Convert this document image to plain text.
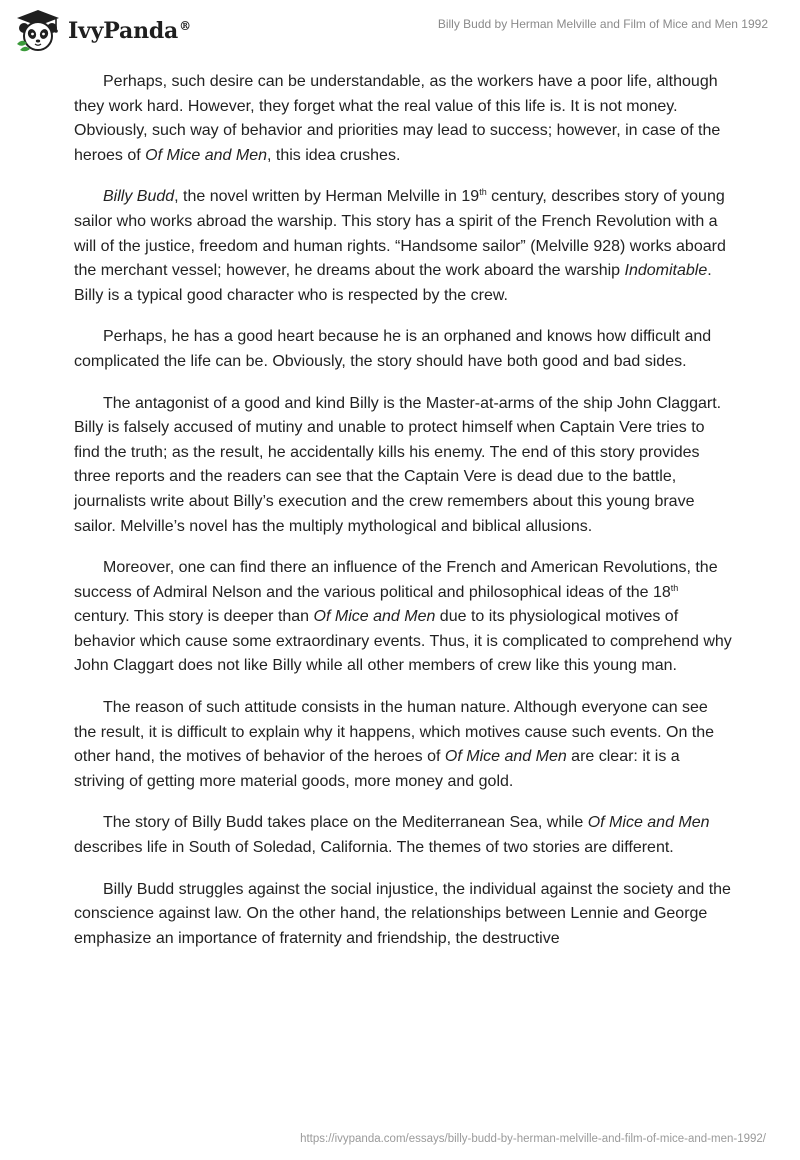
IvyPanda®	Billy Budd by Herman Melville and Film of Mice and Men 1992

Perhaps, such desire can be understandable, as the workers have a poor life, although they work hard. However, they forget what the real value of this life is. It is not money. Obviously, such way of behavior and priorities may lead to success; however, in case of the heroes of Of Mice and Men, this idea crushes.

Billy Budd, the novel written by Herman Melville in 19th century, describes story of young sailor who works abroad the warship. This story has a spirit of the French Revolution with a will of the justice, freedom and human rights. “Handsome sailor” (Melville 928) works aboard the merchant vessel; however, he dreams about the work aboard the warship Indomitable. Billy is a typical good character who is respected by the crew.

Perhaps, he has a good heart because he is an orphaned and knows how difficult and complicated the life can be. Obviously, the story should have both good and bad sides.

The antagonist of a good and kind Billy is the Master-at-arms of the ship John Claggart. Billy is falsely accused of mutiny and unable to protect himself when Captain Vere tries to find the truth; as the result, he accidentally kills his enemy. The end of this story provides three reports and the readers can see that the Captain Vere is dead due to the battle, journalists write about Billy’s execution and the crew remembers about this young brave sailor. Melville’s novel has the multiply mythological and biblical allusions.

Moreover, one can find there an influence of the French and American Revolutions, the success of Admiral Nelson and the various political and philosophical ideas of the 18th century. This story is deeper than Of Mice and Men due to its physiological motives of behavior which cause some extraordinary events. Thus, it is complicated to comprehend why John Claggart does not like Billy while all other members of crew like this young man.

The reason of such attitude consists in the human nature. Although everyone can see the result, it is difficult to explain why it happens, which motives cause such events. On the other hand, the motives of behavior of the heroes of Of Mice and Men are clear: it is a striving of getting more material goods, more money and gold.

The story of Billy Budd takes place on the Mediterranean Sea, while Of Mice and Men describes life in South of Soledad, California. The themes of two stories are different.

Billy Budd struggles against the social injustice, the individual against the society and the conscience against law. On the other hand, the relationships between Lennie and George emphasize an importance of fraternity and friendship, the destructive

https://ivypanda.com/essays/billy-budd-by-herman-melville-and-film-of-mice-and-men-1992/
